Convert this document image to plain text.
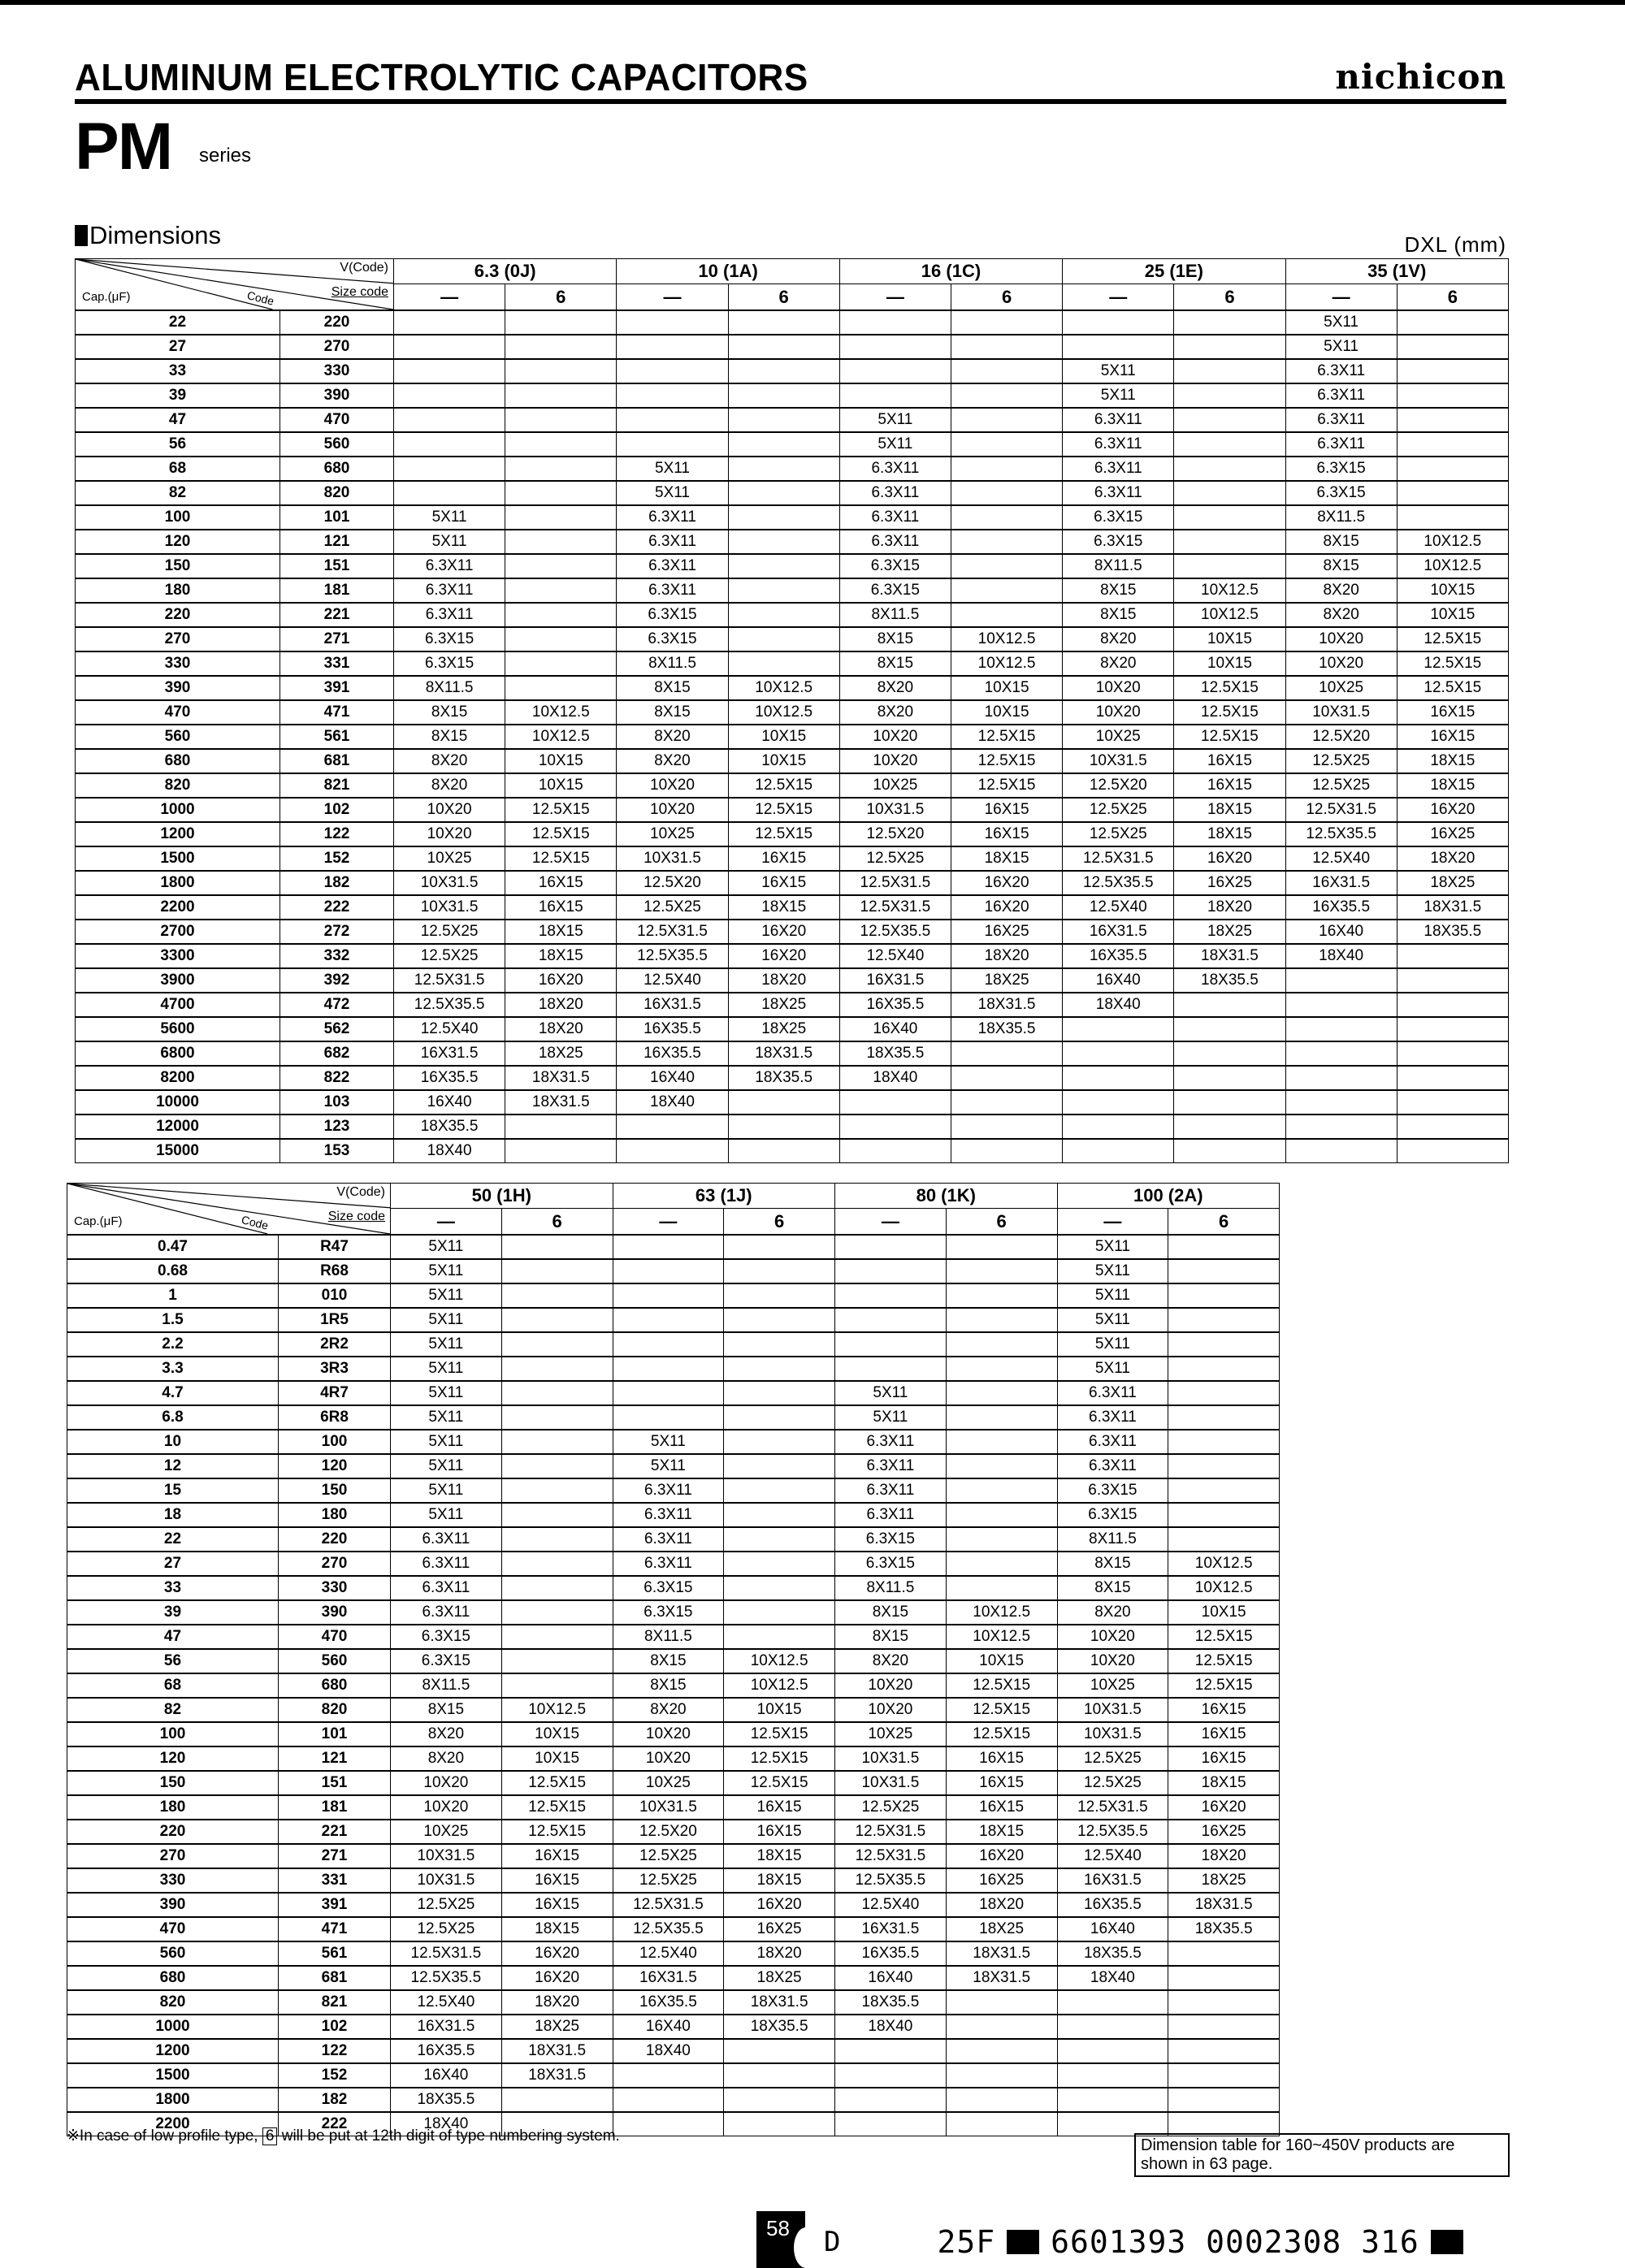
ALUMINUM ELECTROLYTIC CAPACITORS	nichicon
PM series
Dimensions	DXL (mm)
V(Code)
Size code
Code
Cap.(μF)		6.3 (0J)		10 (1A)		16 (1C)		25 (1E)		35 (1V)	
		—	6	—	6	—	6	—	6	—	6
22	220									5X11	
27	270									5X11	
33	330							5X11		6.3X11	
39	390							5X11		6.3X11	
47	470					5X11		6.3X11		6.3X11	
56	560					5X11		6.3X11		6.3X11	
68	680			5X11		6.3X11		6.3X11		6.3X15	
82	820			5X11		6.3X11		6.3X11		6.3X15	
100	101	5X11		6.3X11		6.3X11		6.3X15		8X11.5	
120	121	5X11		6.3X11		6.3X11		6.3X15		8X15	10X12.5
150	151	6.3X11		6.3X11		6.3X15		8X11.5		8X15	10X12.5
180	181	6.3X11		6.3X11		6.3X15		8X15	10X12.5	8X20	10X15
220	221	6.3X11		6.3X15		8X11.5		8X15	10X12.5	8X20	10X15
270	271	6.3X15		6.3X15		8X15	10X12.5	8X20	10X15	10X20	12.5X15
330	331	6.3X15		8X11.5		8X15	10X12.5	8X20	10X15	10X20	12.5X15
390	391	8X11.5		8X15	10X12.5	8X20	10X15	10X20	12.5X15	10X25	12.5X15
470	471	8X15	10X12.5	8X15	10X12.5	8X20	10X15	10X20	12.5X15	10X31.5	16X15
560	561	8X15	10X12.5	8X20	10X15	10X20	12.5X15	10X25	12.5X15	12.5X20	16X15
680	681	8X20	10X15	8X20	10X15	10X20	12.5X15	10X31.5	16X15	12.5X25	18X15
820	821	8X20	10X15	10X20	12.5X15	10X25	12.5X15	12.5X20	16X15	12.5X25	18X15
1000	102	10X20	12.5X15	10X20	12.5X15	10X31.5	16X15	12.5X25	18X15	12.5X31.5	16X20
1200	122	10X20	12.5X15	10X25	12.5X15	12.5X20	16X15	12.5X25	18X15	12.5X35.5	16X25
1500	152	10X25	12.5X15	10X31.5	16X15	12.5X25	18X15	12.5X31.5	16X20	12.5X40	18X20
1800	182	10X31.5	16X15	12.5X20	16X15	12.5X31.5	16X20	12.5X35.5	16X25	16X31.5	18X25
2200	222	10X31.5	16X15	12.5X25	18X15	12.5X31.5	16X20	12.5X40	18X20	16X35.5	18X31.5
2700	272	12.5X25	18X15	12.5X31.5	16X20	12.5X35.5	16X25	16X31.5	18X25	16X40	18X35.5
3300	332	12.5X25	18X15	12.5X35.5	16X20	12.5X40	18X20	16X35.5	18X31.5	18X40	
3900	392	12.5X31.5	16X20	12.5X40	18X20	16X31.5	18X25	16X40	18X35.5		
4700	472	12.5X35.5	18X20	16X31.5	18X25	16X35.5	18X31.5	18X40			
5600	562	12.5X40	18X20	16X35.5	18X25	16X40	18X35.5				
6800	682	16X31.5	18X25	16X35.5	18X31.5	18X35.5					
8200	822	16X35.5	18X31.5	16X40	18X35.5	18X40					
10000	103	16X40	18X31.5	18X40							
12000	123	18X35.5									
15000	153	18X40									
V(Code)
Size code
Code
Cap.(μF)		50 (1H)		63 (1J)		80 (1K)		100 (2A)	
		—	6	—	6	—	6	—	6
0.47	R47	5X11						5X11	
0.68	R68	5X11						5X11	
1	010	5X11						5X11	
1.5	1R5	5X11						5X11	
2.2	2R2	5X11						5X11	
3.3	3R3	5X11						5X11	
4.7	4R7	5X11				5X11		6.3X11	
6.8	6R8	5X11				5X11		6.3X11	
10	100	5X11		5X11		6.3X11		6.3X11	
12	120	5X11		5X11		6.3X11		6.3X11	
15	150	5X11		6.3X11		6.3X11		6.3X15	
18	180	5X11		6.3X11		6.3X11		6.3X15	
22	220	6.3X11		6.3X11		6.3X15		8X11.5	
27	270	6.3X11		6.3X11		6.3X15		8X15	10X12.5
33	330	6.3X11		6.3X15		8X11.5		8X15	10X12.5
39	390	6.3X11		6.3X15		8X15	10X12.5	8X20	10X15
47	470	6.3X15		8X11.5		8X15	10X12.5	10X20	12.5X15
56	560	6.3X15		8X15	10X12.5	8X20	10X15	10X20	12.5X15
68	680	8X11.5		8X15	10X12.5	10X20	12.5X15	10X25	12.5X15
82	820	8X15	10X12.5	8X20	10X15	10X20	12.5X15	10X31.5	16X15
100	101	8X20	10X15	10X20	12.5X15	10X25	12.5X15	10X31.5	16X15
120	121	8X20	10X15	10X20	12.5X15	10X31.5	16X15	12.5X25	16X15
150	151	10X20	12.5X15	10X25	12.5X15	10X31.5	16X15	12.5X25	18X15
180	181	10X20	12.5X15	10X31.5	16X15	12.5X25	16X15	12.5X31.5	16X20
220	221	10X25	12.5X15	12.5X20	16X15	12.5X31.5	18X15	12.5X35.5	16X25
270	271	10X31.5	16X15	12.5X25	18X15	12.5X31.5	16X20	12.5X40	18X20
330	331	10X31.5	16X15	12.5X25	18X15	12.5X35.5	16X25	16X31.5	18X25
390	391	12.5X25	16X15	12.5X31.5	16X20	12.5X40	18X20	16X35.5	18X31.5
470	471	12.5X25	18X15	12.5X35.5	16X25	16X31.5	18X25	16X40	18X35.5
560	561	12.5X31.5	16X20	12.5X40	18X20	16X35.5	18X31.5	18X35.5	
680	681	12.5X35.5	16X20	16X31.5	18X25	16X40	18X31.5	18X40	
820	821	12.5X40	18X20	16X35.5	18X31.5	18X35.5			
1000	102	16X31.5	18X25	16X40	18X35.5	18X40			
1200	122	16X35.5	18X31.5	18X40					
1500	152	16X40	18X31.5						
1800	182	18X35.5							
2200	222	18X40							
※In case of low profile type, 6 will be put at 12th digit of type numbering system.
Dimension table for 160~450V products are shown in 63 page.
58 D	25F 6601393 0002308 316
